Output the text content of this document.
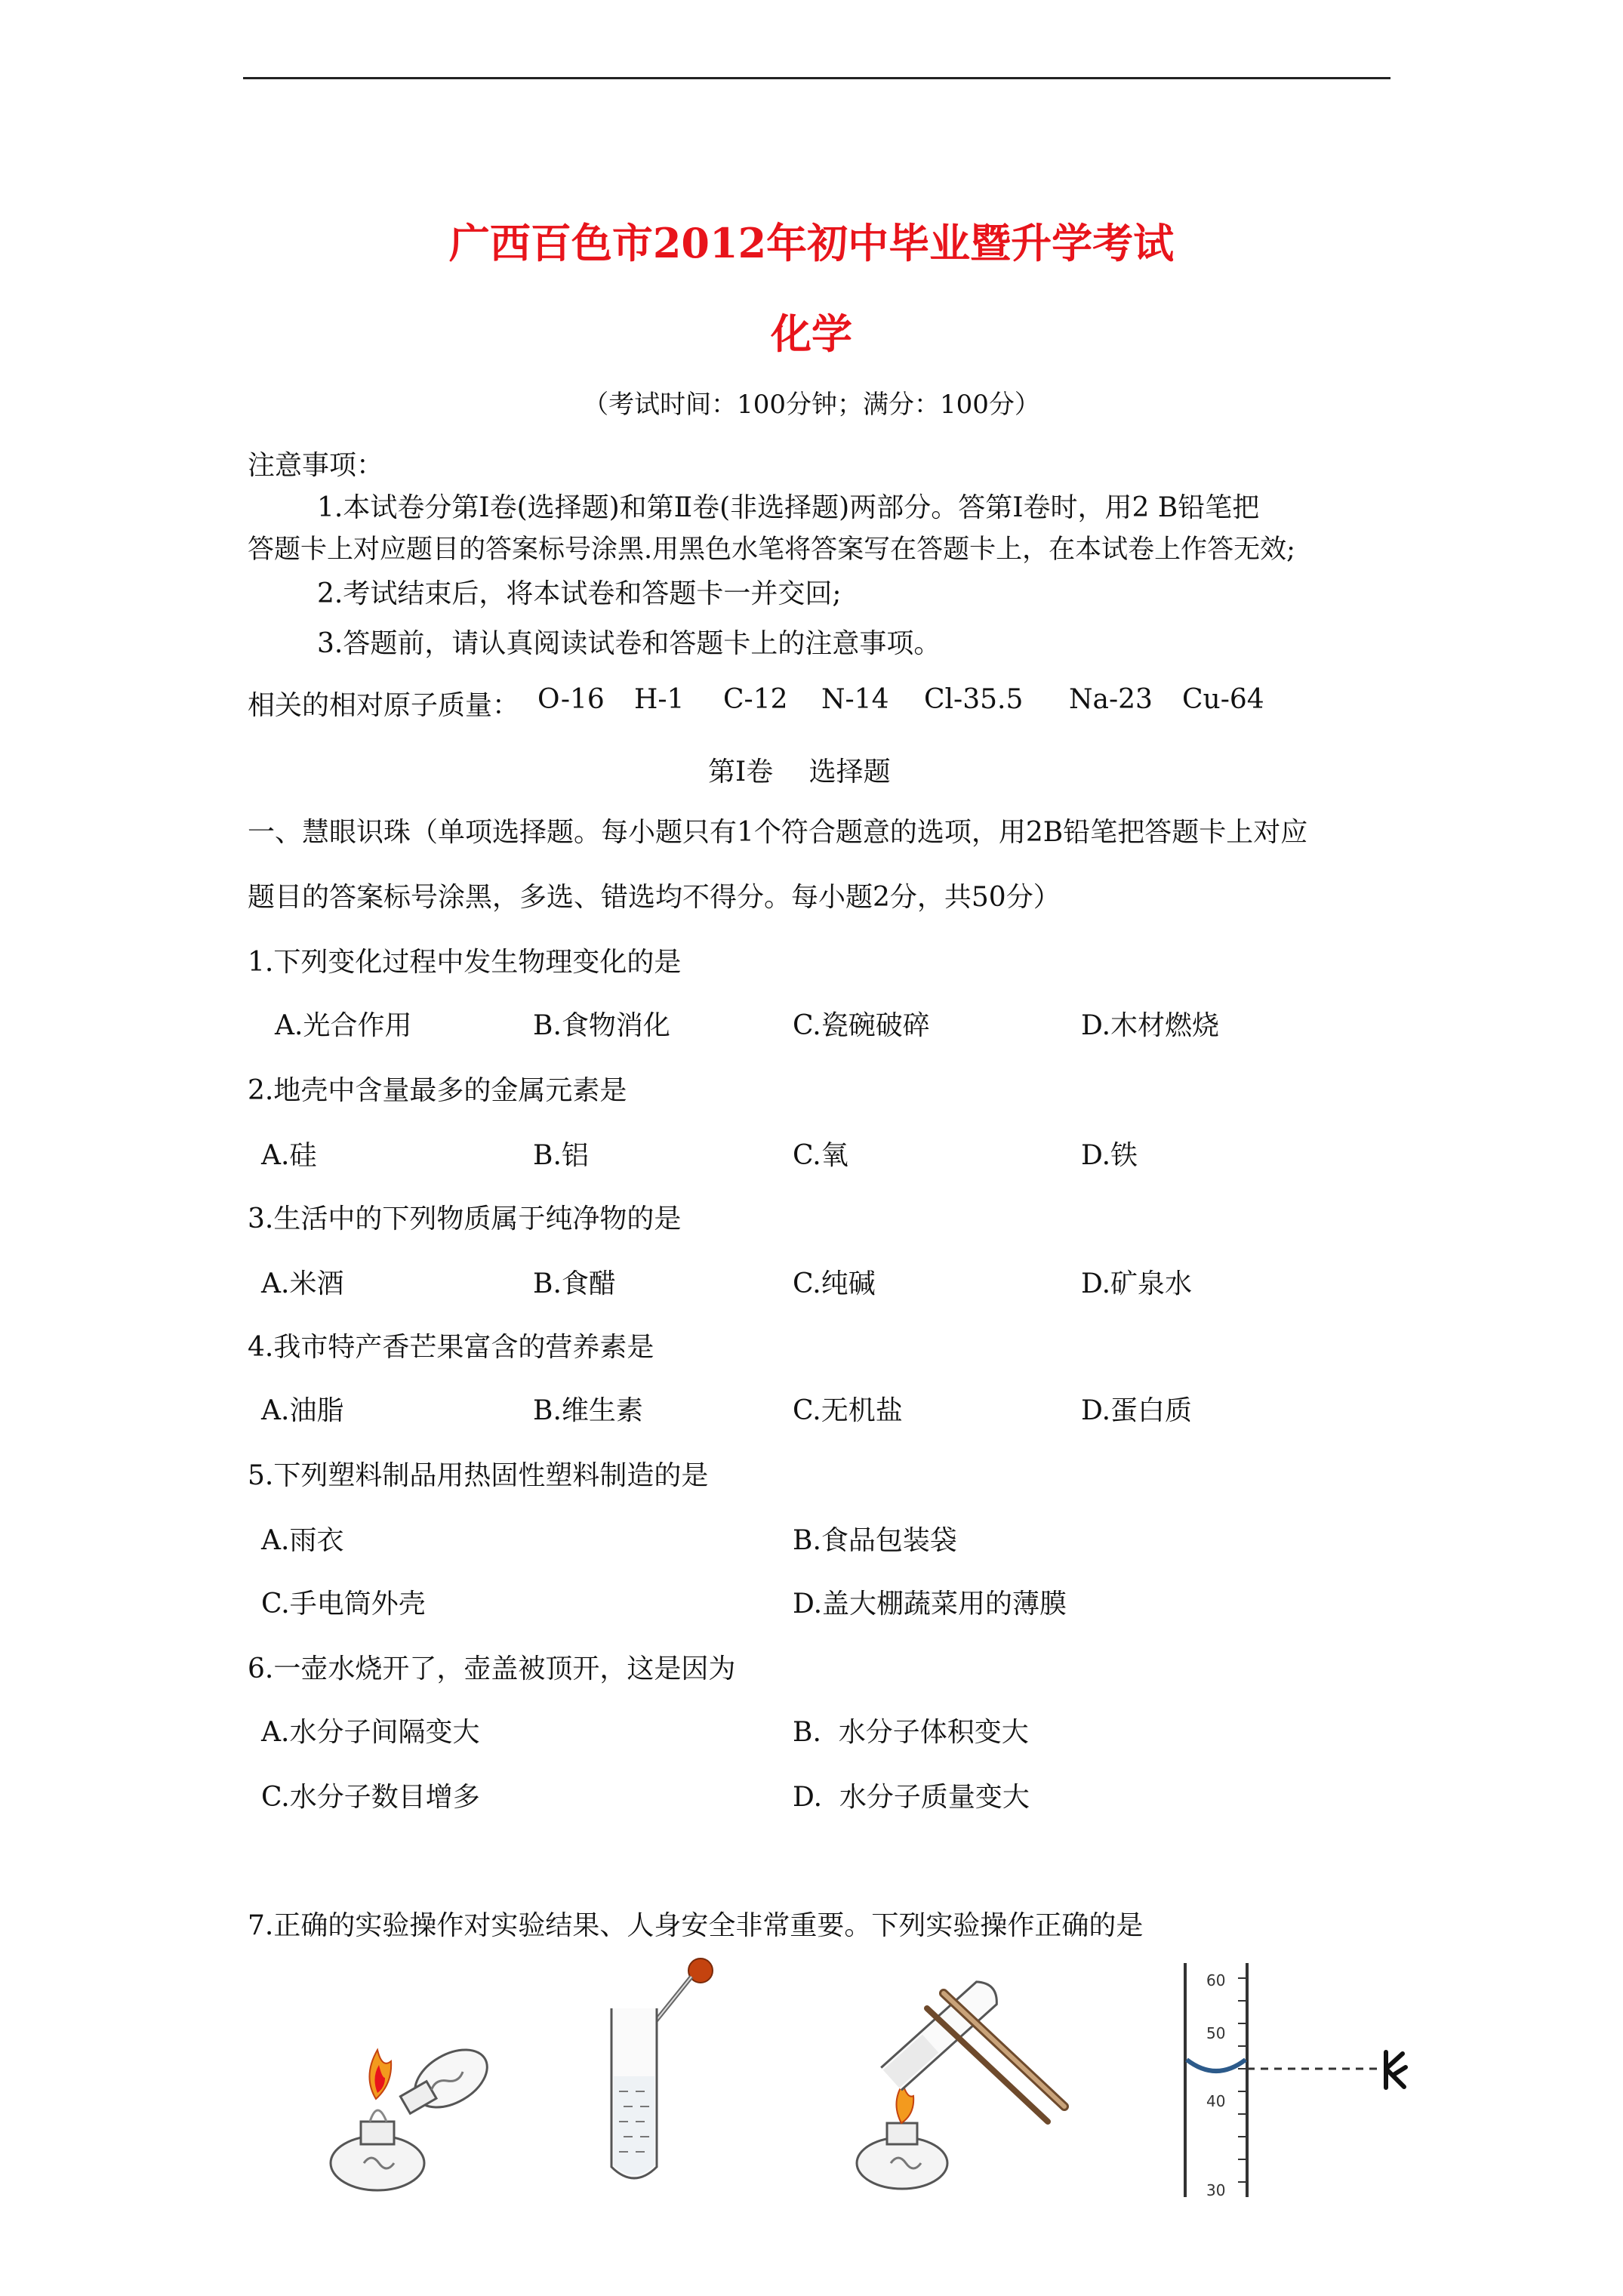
广西百色市2012年初中毕业暨升学考试
化学
（考试时间：100分钟；满分：100分）
注意事项：
1.本试卷分第Ⅰ卷(选择题)和第Ⅱ卷(非选择题)两部分。答第Ⅰ卷时，用2 B铅笔把
答题卡上对应题目的答案标号涂黑.用黑色水笔将答案写在答题卡上，在本试卷上作答无效;
2.考试结束后，将本试卷和答题卡一并交回;
3.答题前，请认真阅读试卷和答题卡上的注意事项。
相关的相对原子质量： O-16 H-1 C-12 N-14 Cl-35.5 Na-23 Cu-64
第Ⅰ卷　 选择题
一、慧眼识珠（单项选择题。每小题只有1个符合题意的选项，用2B铅笔把答题卡上对应
题目的答案标号涂黑，多选、错选均不得分。每小题2分，共50分）
1.下列变化过程中发生物理变化的是
A.光合作用	B.食物消化	C.瓷碗破碎	D.木材燃烧
2.地壳中含量最多的金属元素是
A.硅	B.铝	C.氧	D.铁
3.生活中的下列物质属于纯净物的是
A.米酒	B.食醋	C.纯碱	D.矿泉水
4.我市特产香芒果富含的营养素是
A.油脂	B.维生素	C.无机盐	D.蛋白质
5.下列塑料制品用热固性塑料制造的是
A.雨衣	B.食品包装袋
C.手电筒外壳	D.盖大棚蔬菜用的薄膜
6.一壶水烧开了，壶盖被顶开，这是因为
A.水分子间隔变大	B.  水分子体积变大
C.水分子数目增多	D.  水分子质量变大
7.正确的实验操作对实验结果、人身安全非常重要。下列实验操作正确的是
60
50
40
30
